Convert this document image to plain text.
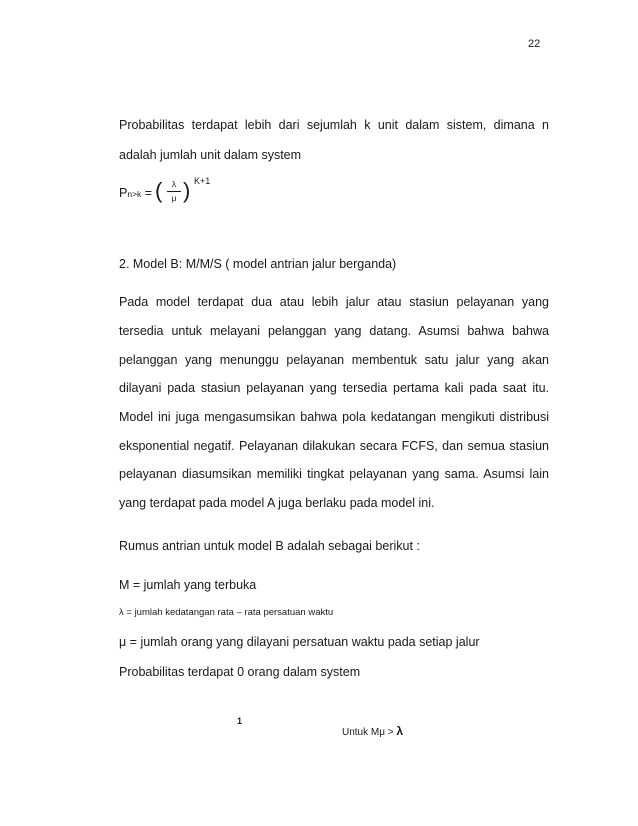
22
Probabilitas terdapat lebih dari sejumlah k unit dalam sistem, dimana n
adalah jumlah unit dalam system
Pn>k = ( $\frac{\lambda}{\mu}$ ) K+1
2. Model B: M/M/S ( model antrian jalur berganda)
Pada model terdapat dua atau lebih jalur atau stasiun pelayanan yang
tersedia untuk melayani pelanggan yang datang. Asumsi bahwa bahwa
pelanggan yang menunggu pelayanan membentuk satu jalur yang akan
dilayani pada stasiun pelayanan yang tersedia pertama kali pada saat itu.
Model ini juga mengasumsikan bahwa pola kedatangan mengikuti distribusi
eksponential negatif. Pelayanan dilakukan secara FCFS, dan semua stasiun
pelayanan diasumsikan memiliki tingkat pelayanan yang sama. Asumsi lain
yang terdapat pada model A juga berlaku pada model ini.
Rumus antrian untuk model B adalah sebagai berikut :
M = jumlah yang terbuka
λ = jumlah kedatangan rata – rata persatuan waktu
μ = jumlah orang yang dilayani persatuan waktu pada setiap jalur
Probabilitas terdapat 0 orang dalam system
1
Untuk Mμ > λ
